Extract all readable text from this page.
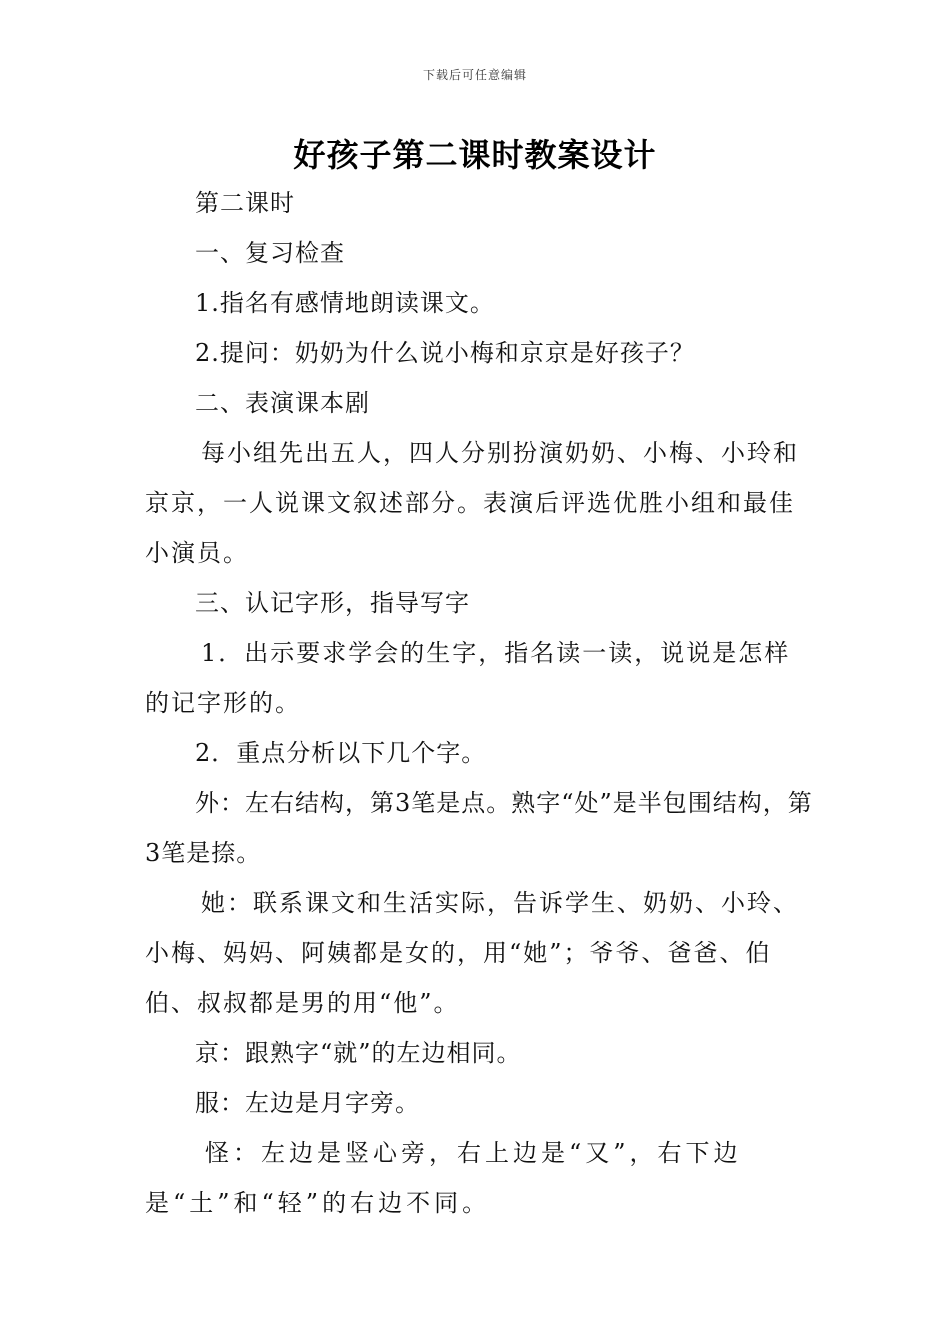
下载后可任意编辑
好孩子第二课时教案设计

第二课时

一、复习检查

1.指名有感情地朗读课文。

2.提问：奶奶为什么说小梅和京京是好孩子？

二、表演课本剧

每小组先出五人，四人分别扮演奶奶、小梅、小玲和京京，一人说课文叙述部分。表演后评选优胜小组和最佳小演员。

三、认记字形，指导写字

1．出示要求学会的生字，指名读一读，说说是怎样的记字形的。

2．重点分析以下几个字。

外：左右结构，第3笔是点。熟字“处”是半包围结构，第3笔是捺。

她：联系课文和生活实际，告诉学生、奶奶、小玲、小梅、妈妈、阿姨都是女的，用“她”；爷爷、爸爸、伯伯、叔叔都是男的用“他”。

京：跟熟字“就”的左边相同。

服：左边是月字旁。

怪：左边是竖心旁，右上边是“又”，右下边是“土”和“轻”的右边不同。
